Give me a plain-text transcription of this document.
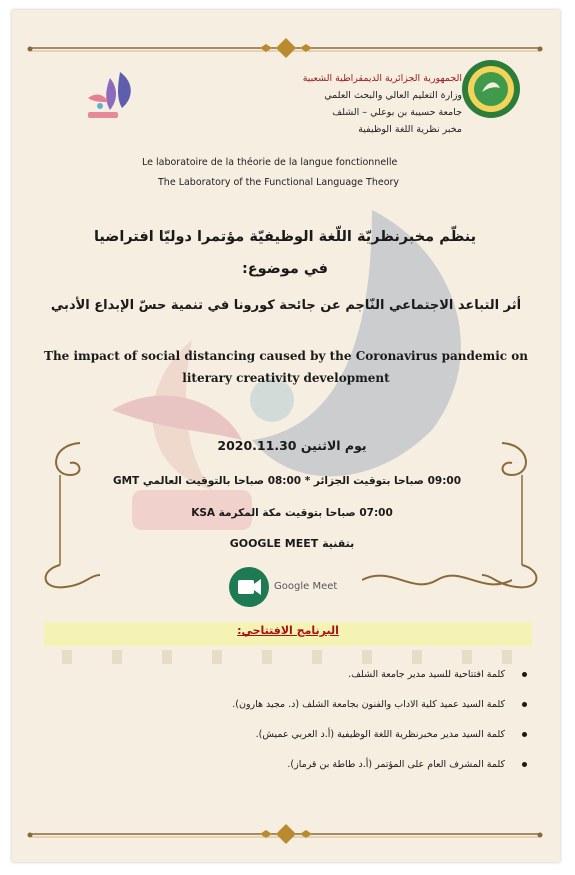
الجمهورية الجزائرية الديمقراطية الشعبية
وزارة التعليم العالي والبحث العلمي
جامعة حسيبة بن بوعلي – الشلف
مخبر نظرية اللغة الوظيفية
Le laboratoire de la théorie de la langue fonctionnelle
The Laboratory of the Functional Language Theory
ينظّم مخبرنظريّة اللّغة الوظيفيّة مؤتمرا دوليّا افتراضيا
في موضوع:
أثر التباعد الاجتماعي النّاجم عن جائحة كورونا في تنمية حسّ الإبداع الأدبي
The impact of social distancing caused by the Coronavirus pandemic on literary creativity development
يوم الاثنين 2020.11.30
09:00 صباحا بتوقيت الجزائر * 08:00 صباحا بالتوقيت العالمي GMT
07:00 صباحا بتوقيت مكة المكرمة KSA
بتقنية GOOGLE MEET
Google Meet
البرنامج الافتتاحي:
كلمة افتتاحية للسيد مدير جامعة الشلف.
كلمة السيد عميد كلية الاداب والفنون بجامعة الشلف (د. مجيد هارون).
كلمة السيد مدير مخبرنظرية اللغة الوظيفية (أ.د العربي عميش).
كلمة المشرف العام على المؤتمر (أ.د طاطة بن قرماز).
